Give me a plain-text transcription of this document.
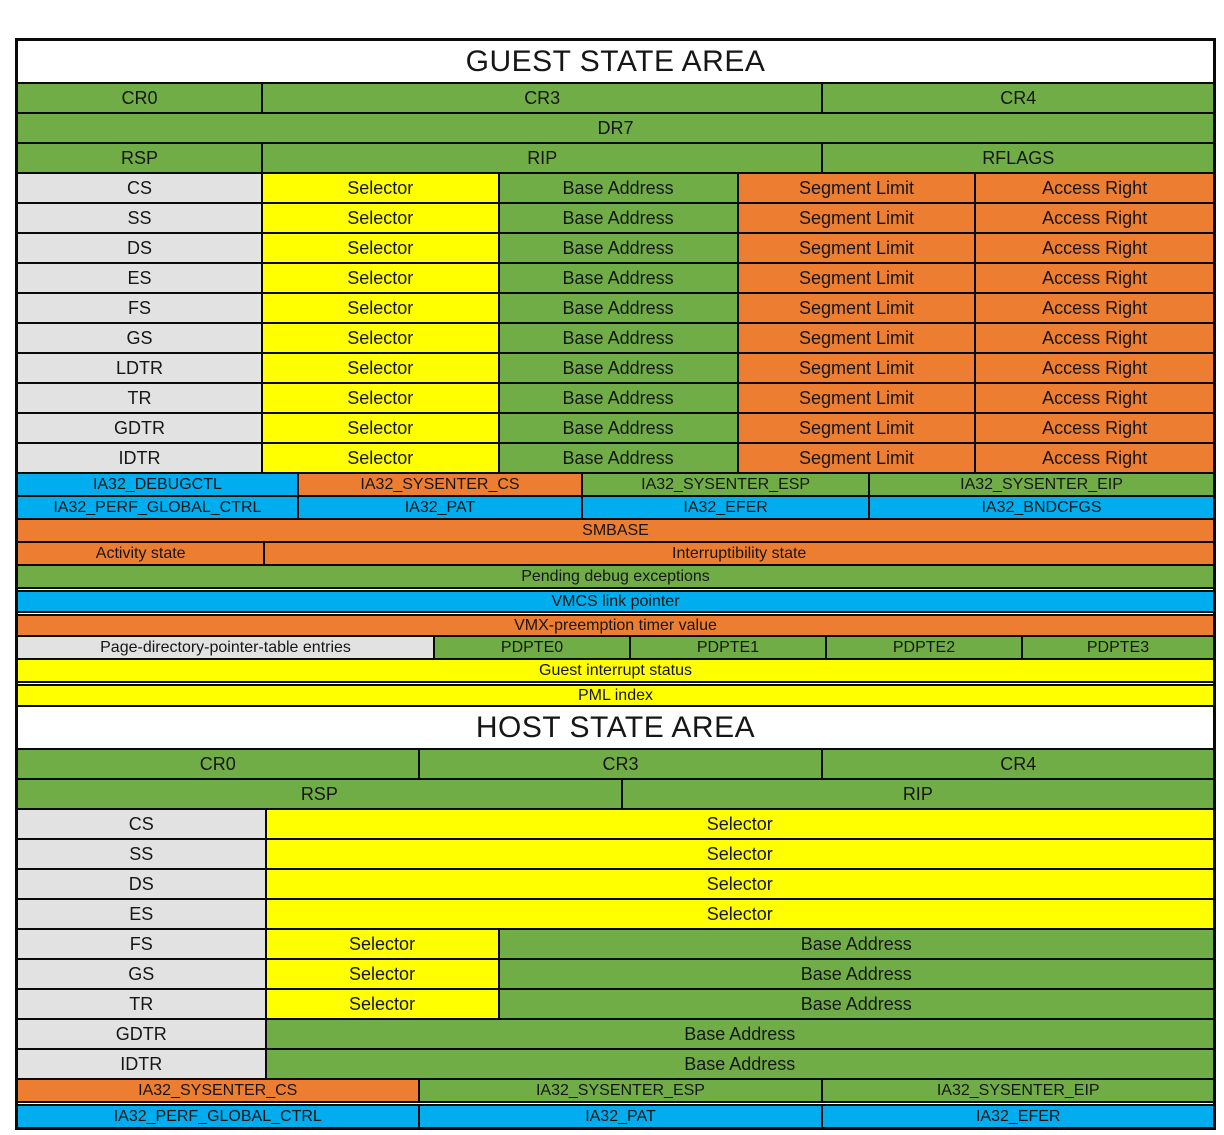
GUEST STATE AREA
CR0	CR3	CR4
DR7
RSP	RIP	RFLAGS
CS	Selector	Base Address	Segment Limit	Access Right
SS	Selector	Base Address	Segment Limit	Access Right
DS	Selector	Base Address	Segment Limit	Access Right
ES	Selector	Base Address	Segment Limit	Access Right
FS	Selector	Base Address	Segment Limit	Access Right
GS	Selector	Base Address	Segment Limit	Access Right
LDTR	Selector	Base Address	Segment Limit	Access Right
TR	Selector	Base Address	Segment Limit	Access Right
GDTR	Selector	Base Address	Segment Limit	Access Right
IDTR	Selector	Base Address	Segment Limit	Access Right
IA32_DEBUGCTL	IA32_SYSENTER_CS	IA32_SYSENTER_ESP	IA32_SYSENTER_EIP
IA32_PERF_GLOBAL_CTRL	IA32_PAT	IA32_EFER	IA32_BNDCFGS
SMBASE
Activity state	Interruptibility state
Pending debug exceptions
VMCS link pointer
VMX-preemption timer value
Page-directory-pointer-table entries	PDPTE0	PDPTE1	PDPTE2	PDPTE3
Guest interrupt status
PML index
HOST STATE AREA
CR0	CR3	CR4
RSP	RIP
CS	Selector
SS	Selector
DS	Selector
ES	Selector
FS	Selector	Base Address
GS	Selector	Base Address
TR	Selector	Base Address
GDTR	Base Address
IDTR	Base Address
IA32_SYSENTER_CS	IA32_SYSENTER_ESP	IA32_SYSENTER_EIP
IA32_PERF_GLOBAL_CTRL	IA32_PAT	IA32_EFER
